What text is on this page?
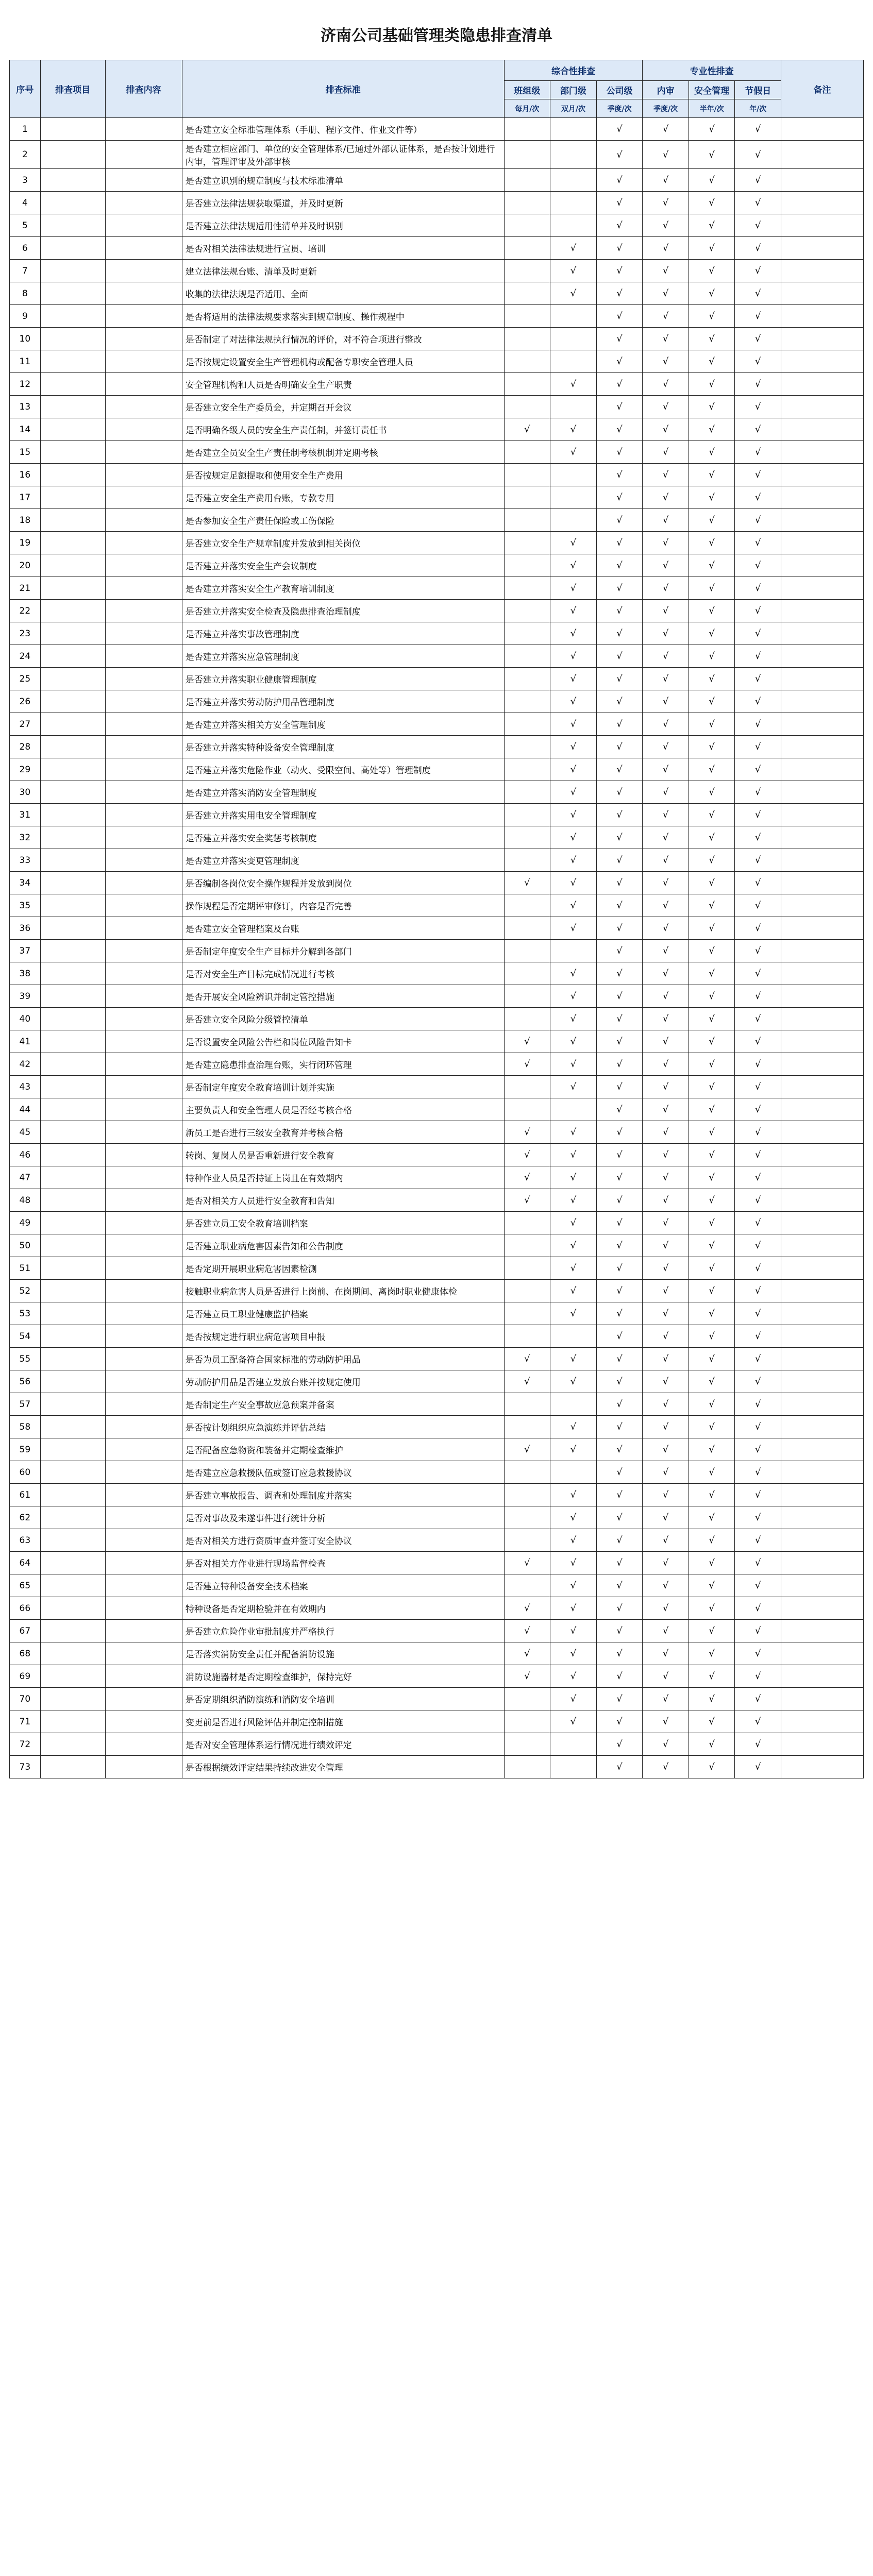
济南公司基础管理类隐患排查清单
序号	排查项目	排查内容	排查标准	综合性排查			专业性排查			备注
				班组级	部门级	公司级	内审	安全管理	节假日	
				每月/次	双月/次	季度/次	季度/次	半年/次	年/次	
1			是否建立安全标准管理体系（手册、程序文件、作业文件等）			√	√	√	√	
2			是否建立相应部门、单位的安全管理体系/已通过外部认证体系，是否按计划进行内审，管理评审及外部审核			√	√	√	√	
3			是否建立识别的规章制度与技术标准清单			√	√	√	√	
4			是否建立法律法规获取渠道，并及时更新			√	√	√	√	
5			是否建立法律法规适用性清单并及时识别			√	√	√	√	
6			是否对相关法律法规进行宣贯、培训		√	√	√	√	√	
7			建立法律法规台账、清单及时更新		√	√	√	√	√	
8			收集的法律法规是否适用、全面		√	√	√	√	√	
9			是否将适用的法律法规要求落实到规章制度、操作规程中			√	√	√	√	
10			是否制定了对法律法规执行情况的评价，对不符合项进行整改			√	√	√	√	
11			是否按规定设置安全生产管理机构或配备专职安全管理人员			√	√	√	√	
12			安全管理机构和人员是否明确安全生产职责		√	√	√	√	√	
13			是否建立安全生产委员会，并定期召开会议			√	√	√	√	
14			是否明确各级人员的安全生产责任制，并签订责任书	√	√	√	√	√	√	
15			是否建立全员安全生产责任制考核机制并定期考核		√	√	√	√	√	
16			是否按规定足额提取和使用安全生产费用			√	√	√	√	
17			是否建立安全生产费用台账，专款专用			√	√	√	√	
18			是否参加安全生产责任保险或工伤保险			√	√	√	√	
19			是否建立安全生产规章制度并发放到相关岗位		√	√	√	√	√	
20			是否建立并落实安全生产会议制度		√	√	√	√	√	
21			是否建立并落实安全生产教育培训制度		√	√	√	√	√	
22			是否建立并落实安全检查及隐患排查治理制度		√	√	√	√	√	
23			是否建立并落实事故管理制度		√	√	√	√	√	
24			是否建立并落实应急管理制度		√	√	√	√	√	
25			是否建立并落实职业健康管理制度		√	√	√	√	√	
26			是否建立并落实劳动防护用品管理制度		√	√	√	√	√	
27			是否建立并落实相关方安全管理制度		√	√	√	√	√	
28			是否建立并落实特种设备安全管理制度		√	√	√	√	√	
29			是否建立并落实危险作业（动火、受限空间、高处等）管理制度		√	√	√	√	√	
30			是否建立并落实消防安全管理制度		√	√	√	√	√	
31			是否建立并落实用电安全管理制度		√	√	√	√	√	
32			是否建立并落实安全奖惩考核制度		√	√	√	√	√	
33			是否建立并落实变更管理制度		√	√	√	√	√	
34			是否编制各岗位安全操作规程并发放到岗位	√	√	√	√	√	√	
35			操作规程是否定期评审修订，内容是否完善		√	√	√	√	√	
36			是否建立安全管理档案及台账		√	√	√	√	√	
37			是否制定年度安全生产目标并分解到各部门			√	√	√	√	
38			是否对安全生产目标完成情况进行考核		√	√	√	√	√	
39			是否开展安全风险辨识并制定管控措施		√	√	√	√	√	
40			是否建立安全风险分级管控清单		√	√	√	√	√	
41			是否设置安全风险公告栏和岗位风险告知卡	√	√	√	√	√	√	
42			是否建立隐患排查治理台账，实行闭环管理	√	√	√	√	√	√	
43			是否制定年度安全教育培训计划并实施		√	√	√	√	√	
44			主要负责人和安全管理人员是否经考核合格			√	√	√	√	
45			新员工是否进行三级安全教育并考核合格	√	√	√	√	√	√	
46			转岗、复岗人员是否重新进行安全教育	√	√	√	√	√	√	
47			特种作业人员是否持证上岗且在有效期内	√	√	√	√	√	√	
48			是否对相关方人员进行安全教育和告知	√	√	√	√	√	√	
49			是否建立员工安全教育培训档案		√	√	√	√	√	
50			是否建立职业病危害因素告知和公告制度		√	√	√	√	√	
51			是否定期开展职业病危害因素检测		√	√	√	√	√	
52			接触职业病危害人员是否进行上岗前、在岗期间、离岗时职业健康体检		√	√	√	√	√	
53			是否建立员工职业健康监护档案		√	√	√	√	√	
54			是否按规定进行职业病危害项目申报			√	√	√	√	
55			是否为员工配备符合国家标准的劳动防护用品	√	√	√	√	√	√	
56			劳动防护用品是否建立发放台账并按规定使用	√	√	√	√	√	√	
57			是否制定生产安全事故应急预案并备案			√	√	√	√	
58			是否按计划组织应急演练并评估总结		√	√	√	√	√	
59			是否配备应急物资和装备并定期检查维护	√	√	√	√	√	√	
60			是否建立应急救援队伍或签订应急救援协议			√	√	√	√	
61			是否建立事故报告、调查和处理制度并落实		√	√	√	√	√	
62			是否对事故及未遂事件进行统计分析		√	√	√	√	√	
63			是否对相关方进行资质审查并签订安全协议		√	√	√	√	√	
64			是否对相关方作业进行现场监督检查	√	√	√	√	√	√	
65			是否建立特种设备安全技术档案		√	√	√	√	√	
66			特种设备是否定期检验并在有效期内	√	√	√	√	√	√	
67			是否建立危险作业审批制度并严格执行	√	√	√	√	√	√	
68			是否落实消防安全责任并配备消防设施	√	√	√	√	√	√	
69			消防设施器材是否定期检查维护，保持完好	√	√	√	√	√	√	
70			是否定期组织消防演练和消防安全培训		√	√	√	√	√	
71			变更前是否进行风险评估并制定控制措施		√	√	√	√	√	
72			是否对安全管理体系运行情况进行绩效评定			√	√	√	√	
73			是否根据绩效评定结果持续改进安全管理			√	√	√	√	
